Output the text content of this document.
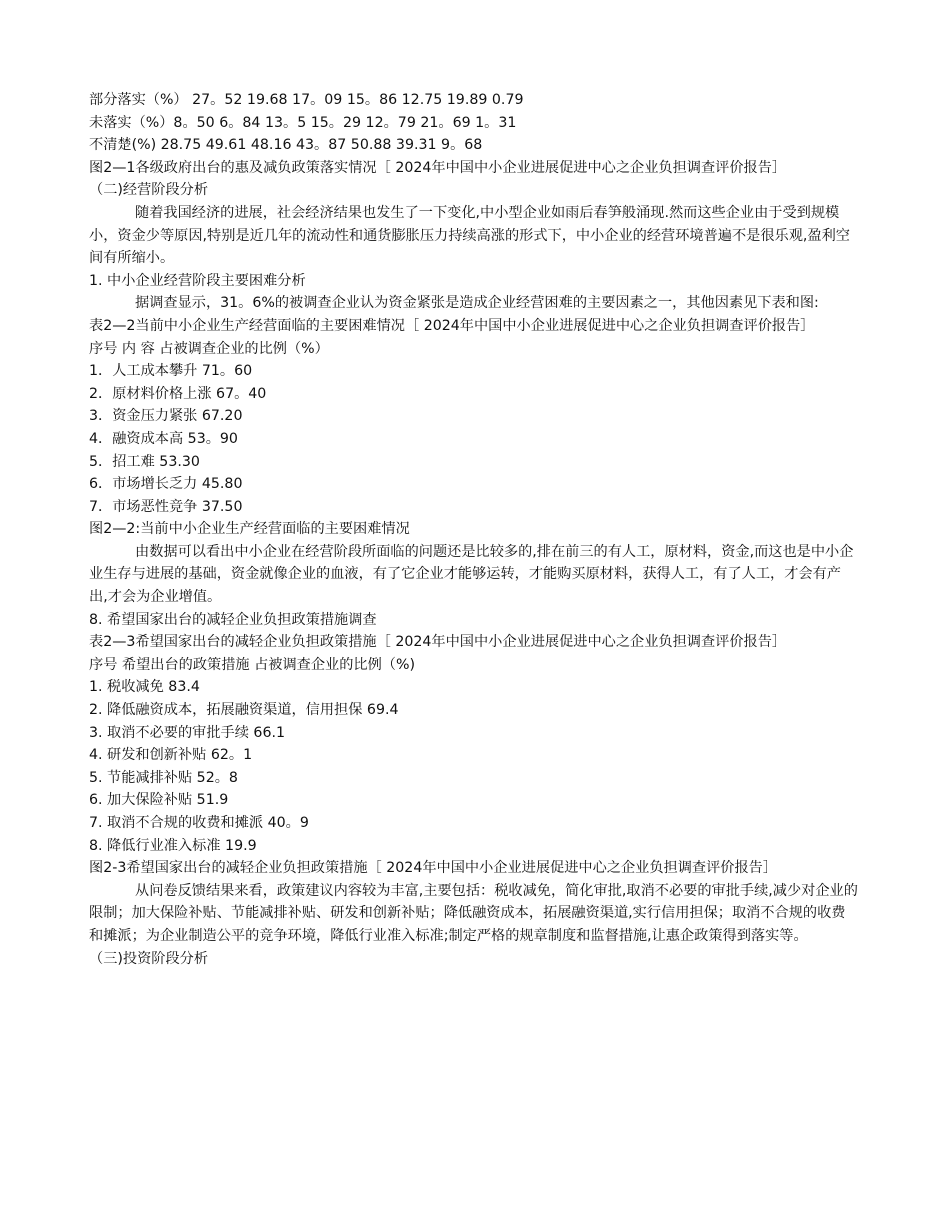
部分落实（%） 27。52 19.68 17。09 15。86 12.75 19.89 0.79
未落实（%）8。50 6。84 13。5 15。29 12。79 21。69 1。31
不清楚(%) 28.75 49.61 48.16 43。87 50.88 39.31 9。68
图2—1各级政府出台的惠及减负政策落实情况［ 2024年中国中小企业进展促进中心之企业负担调查评价报告］
（二)经营阶段分析
随着我国经济的进展，社会经济结果也发生了一下变化,中小型企业如雨后春笋般涌现.然而这些企业由于受到规模小，资金少等原因,特别是近几年的流动性和通货膨胀压力持续高涨的形式下，中小企业的经营环境普遍不是很乐观,盈利空间有所缩小。
1. 中小企业经营阶段主要困难分析
据调查显示，31。6%的被调查企业认为资金紧张是造成企业经营困难的主要因素之一，其他因素见下表和图:
表2—2当前中小企业生产经营面临的主要困难情况［ 2024年中国中小企业进展促进中心之企业负担调查评价报告］
序号 内 容 占被调查企业的比例（%）
1．人工成本攀升 71。60
2．原材料价格上涨 67。40
3．资金压力紧张 67.20
4．融资成本高 53。90
5．招工难 53.30
6．市场增长乏力 45.80
7．市场恶性竞争 37.50
图2—2:当前中小企业生产经营面临的主要困难情况
由数据可以看出中小企业在经营阶段所面临的问题还是比较多的,排在前三的有人工，原材料，资金,而这也是中小企业生存与进展的基础，资金就像企业的血液，有了它企业才能够运转，才能购买原材料，获得人工，有了人工，才会有产出,才会为企业增值。
8. 希望国家出台的减轻企业负担政策措施调查
表2—3希望国家出台的减轻企业负担政策措施［ 2024年中国中小企业进展促进中心之企业负担调查评价报告］
序号 希望出台的政策措施 占被调查企业的比例（%)
1. 税收减免 83.4
2. 降低融资成本，拓展融资渠道，信用担保 69.4
3. 取消不必要的审批手续 66.1
4. 研发和创新补贴 62。1
5. 节能减排补贴 52。8
6. 加大保险补贴 51.9
7. 取消不合规的收费和摊派 40。9
8. 降低行业准入标准 19.9
图2-3希望国家出台的减轻企业负担政策措施［ 2024年中国中小企业进展促进中心之企业负担调查评价报告］
从问卷反馈结果来看，政策建议内容较为丰富,主要包括：税收减免，简化审批,取消不必要的审批手续,减少对企业的限制；加大保险补贴、节能减排补贴、研发和创新补贴；降低融资成本，拓展融资渠道,实行信用担保；取消不合规的收费和摊派；为企业制造公平的竞争环境，降低行业准入标准;制定严格的规章制度和监督措施,让惠企政策得到落实等。
（三)投资阶段分析
